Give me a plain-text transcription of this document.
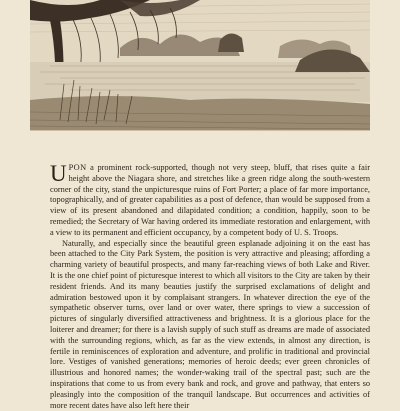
UPON a prominent rock-supported, though not very steep, bluff, that rises quite a fair height above the Niagara shore, and stretches like a green ridge along the south-western corner of the city, stand the unpicturesque ruins of Fort Porter; a place of far more importance, topographically, and of greater capabilities as a post of defence, than would be supposed from a view of its present abandoned and dilapidated condition; a condition, happily, soon to be remedied; the Secretary of War having ordered its immediate restoration and enlargement, with a view to its permanent and efficient occupancy, by a competent body of U. S. Troops.

Naturally, and especially since the beautiful green esplanade adjoining it on the east has been attached to the City Park System, the position is very attractive and pleasing; affording a charming variety of beautiful prospects, and many far-reaching views of both Lake and River. It is the one chief point of picturesque interest to which all visitors to the City are taken by their resident friends. And its many beauties justify the surprised exclamations of delight and admiration bestowed upon it by complaisant strangers. In whatever direction the eye of the sympathetic observer turns, over land or over water, there springs to view a succession of pictures of singularly diversified attractiveness and brightness. It is a glorious place for the loiterer and dreamer; for there is a lavish supply of such stuff as dreams are made of associated with the surrounding regions, which, as far as the view extends, in almost any direction, is fertile in reminiscences of exploration and adventure, and prolific in traditional and provincial lore. Vestiges of vanished generations; memories of heroic deeds; ever green chronicles of illustrious and honored names; the wonder-waking trail of the spectral past; such are the inspirations that come to us from every bank and rock, and grove and pathway, that enters so pleasingly into the composition of the tranquil landscape. But occurrences and activities of more recent dates have also left here their
